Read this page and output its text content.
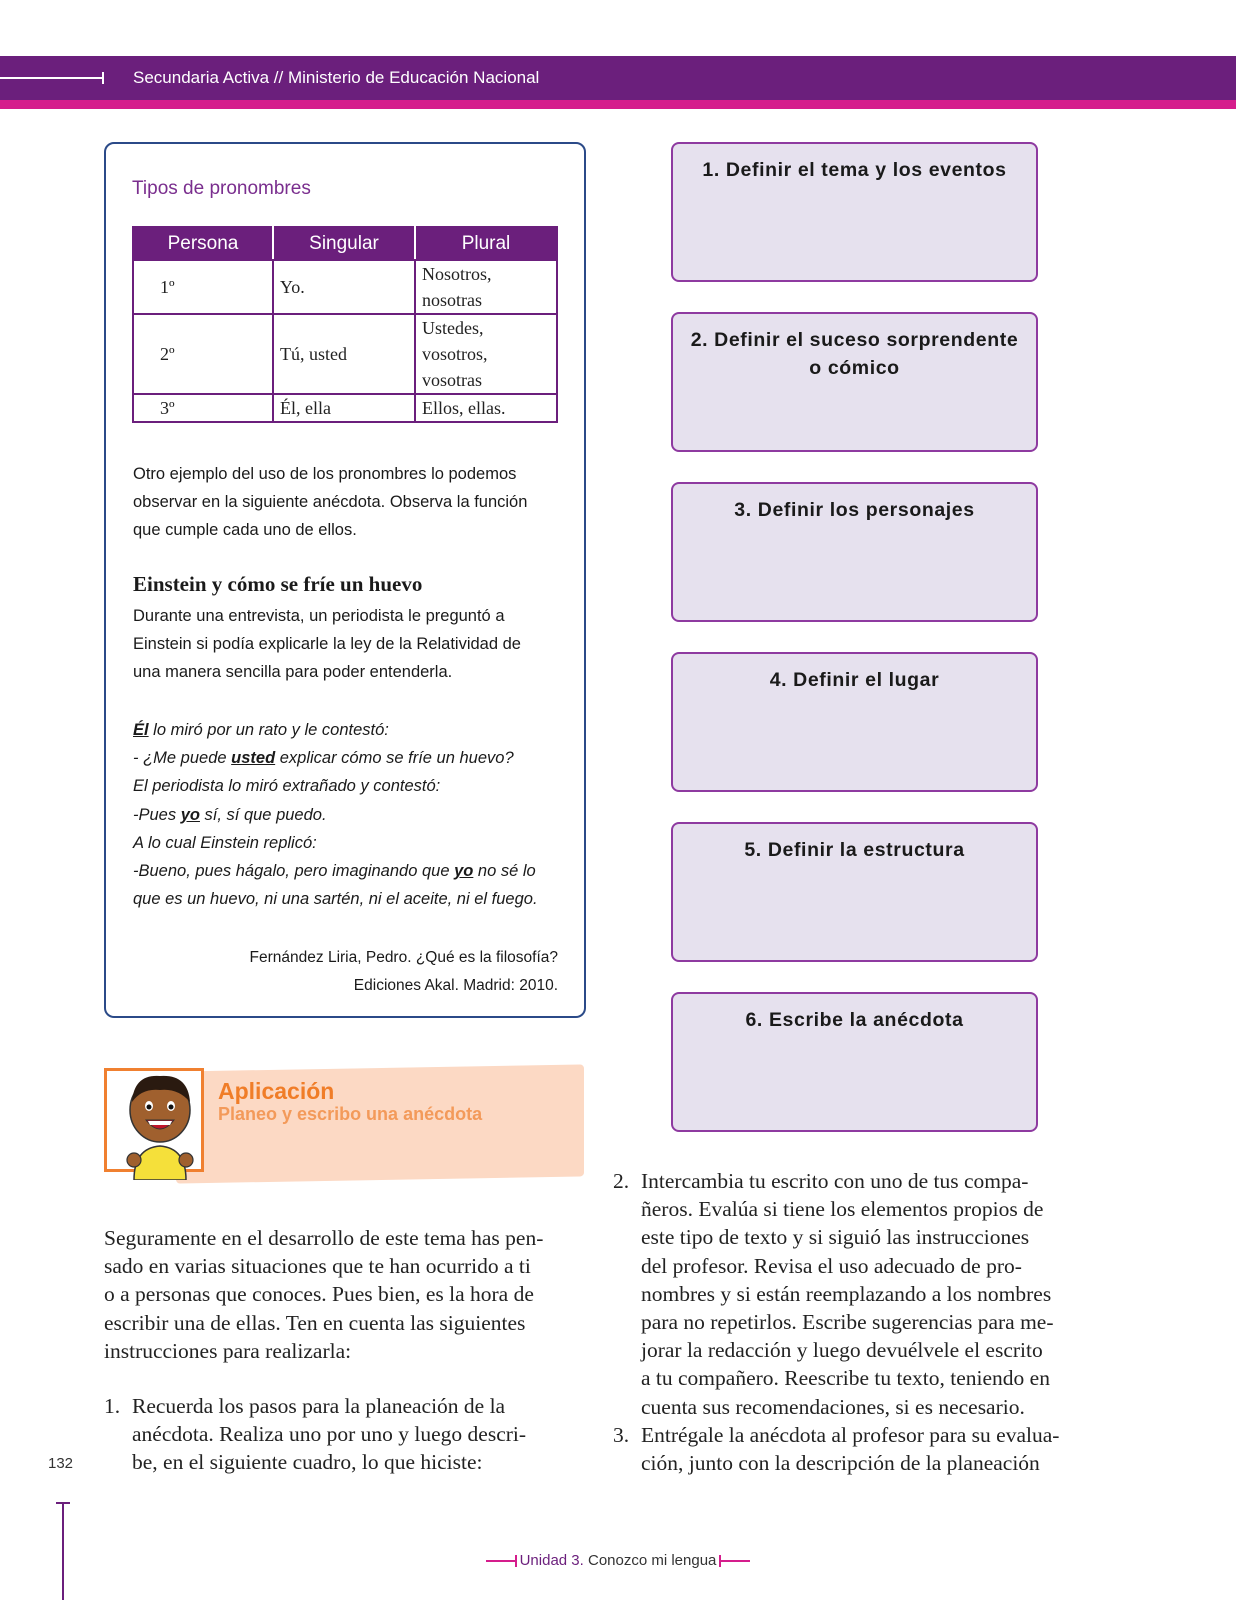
Secundaria Activa // Ministerio de Educación Nacional
Tipos de pronombres
Persona	Singular	Plural
1º	Yo.	Nosotros,
nosotras

2º	Tú, usted	Ustedes,
vosotros,
vosotras

3º	Él, ella	Ellos, ellas.
Otro ejemplo del uso de los pronombres lo podemos
observar en la siguiente anécdota. Observa la función
que cumple cada uno de ellos.
Einstein y cómo se fríe un huevo
Durante una entrevista, un periodista le preguntó a
Einstein si podía explicarle la ley de la Relatividad de
una manera sencilla para poder entenderla.
Él lo miró por un rato y le contestó:
- ¿Me puede usted explicar cómo se fríe un huevo?
El periodista lo miró extrañado y contestó:
-Pues yo sí, sí que puedo.
A lo cual Einstein replicó:
-Bueno, pues hágalo, pero imaginando que yo no sé lo
que es un huevo, ni una sartén, ni el aceite, ni el fuego.
Fernández Liria, Pedro. ¿Qué es la filosofía?
Ediciones Akal. Madrid: 2010.
1. Definir el tema y los eventos
2. Definir el suceso sorprendente
o cómico
3. Definir los personajes
4. Definir el lugar
5. Definir la estructura
6. Escribe la anécdota
Aplicación
Planeo y escribo una anécdota
Seguramente en el desarrollo de este tema has pen-
sado en varias situaciones que te han ocurrido a ti
o a personas que conoces. Pues bien, es la hora de
escribir una de ellas. Ten en cuenta las siguientes
instrucciones para realizarla:
1. Recuerda los pasos para la planeación de la
anécdota. Realiza uno por uno y luego descri-
be, en el siguiente cuadro, lo que hiciste:
2. Intercambia tu escrito con uno de tus compa-
ñeros. Evalúa si tiene los elementos propios de
este tipo de texto y si siguió las instrucciones
del profesor. Revisa el uso adecuado de pro-
nombres y si están reemplazando a los nombres
para no repetirlos. Escribe sugerencias para me-
jorar la redacción y luego devuélvele el escrito
a tu compañero. Reescribe tu texto, teniendo en
cuenta sus recomendaciones, si es necesario.
3. Entrégale la anécdota al profesor para su evalua-
ción, junto con la descripción de la planeación
132
Unidad 3. Conozco mi lengua
